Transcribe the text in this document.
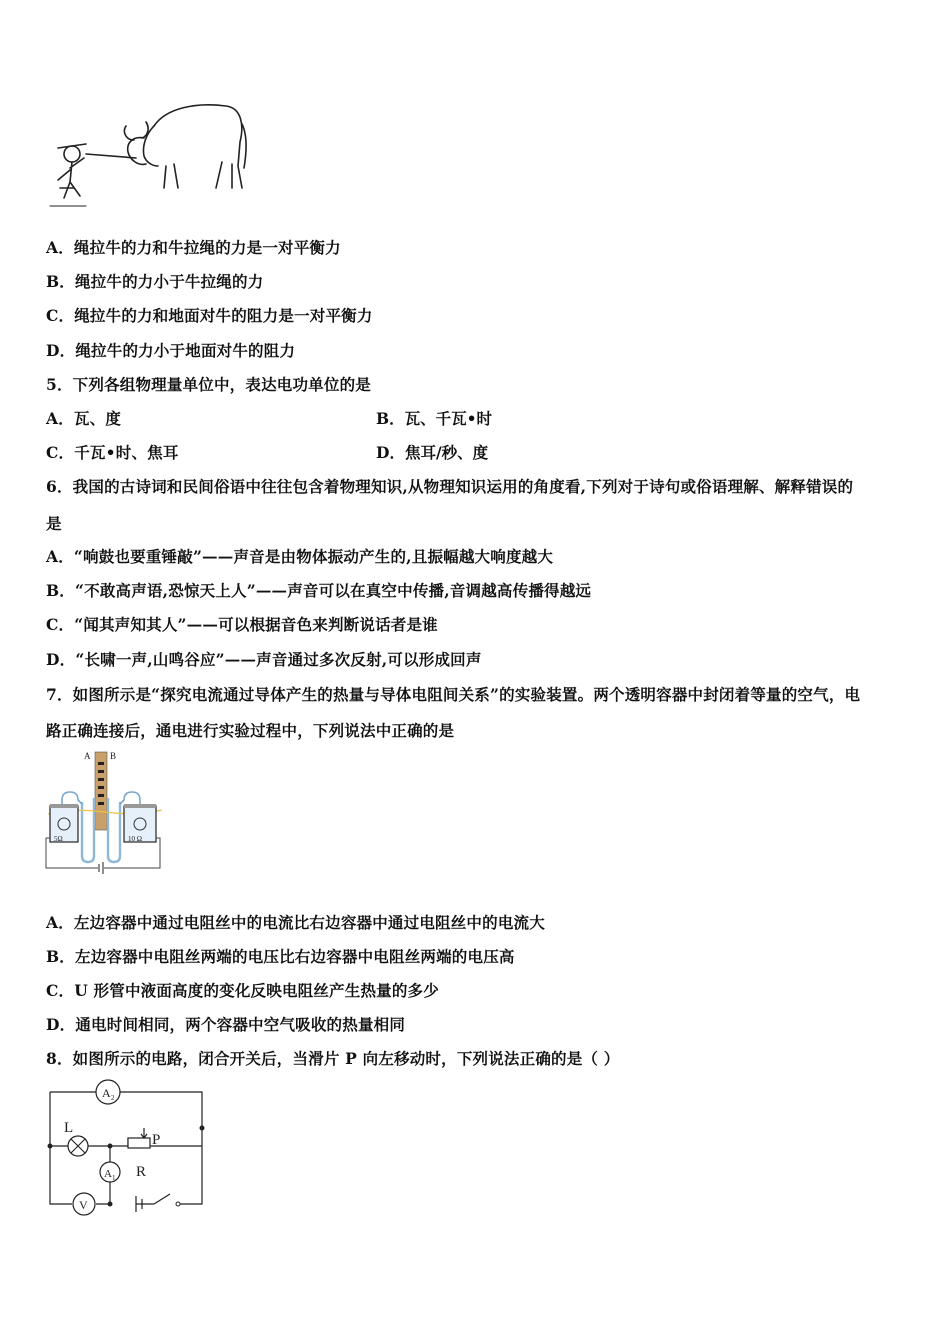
A．绳拉牛的力和牛拉绳的力是一对平衡力
B．绳拉牛的力小于牛拉绳的力
C．绳拉牛的力和地面对牛的阻力是一对平衡力
D．绳拉牛的力小于地面对牛的阻力
5．下列各组物理量单位中，表达电功单位的是
A．瓦、度	B．瓦、千瓦•时
C．千瓦•时、焦耳	D．焦耳/秒、度
6．我国的古诗词和民间俗语中往往包含着物理知识,从物理知识运用的角度看,下列对于诗句或俗语理解、解释错误的
是
A．“响鼓也要重锤敲”——声音是由物体振动产生的,且振幅越大响度越大
B．“不敢高声语,恐惊天上人”——声音可以在真空中传播,音调越高传播得越远
C．“闻其声知其人”——可以根据音色来判断说话者是谁
D．“长啸一声,山鸣谷应”——声音通过多次反射,可以形成回声
7．如图所示是“探究电流通过导体产生的热量与导体电阻间关系”的实验装置。两个透明容器中封闭着等量的空气，电
路正确连接后，通电进行实验过程中，下列说法中正确的是
A B
5Ω	10 Ω
A．左边容器中通过电阻丝中的电流比右边容器中通过电阻丝中的电流大
B．左边容器中电阻丝两端的电压比右边容器中电阻丝两端的电压高
C．U 形管中液面高度的变化反映电阻丝产生热量的多少
D．通电时间相同，两个容器中空气吸收的热量相同
8．如图所示的电路，闭合开关后，当滑片 P 向左移动时，下列说法正确的是（ ）
A 2
L
P
A 1 R
V
